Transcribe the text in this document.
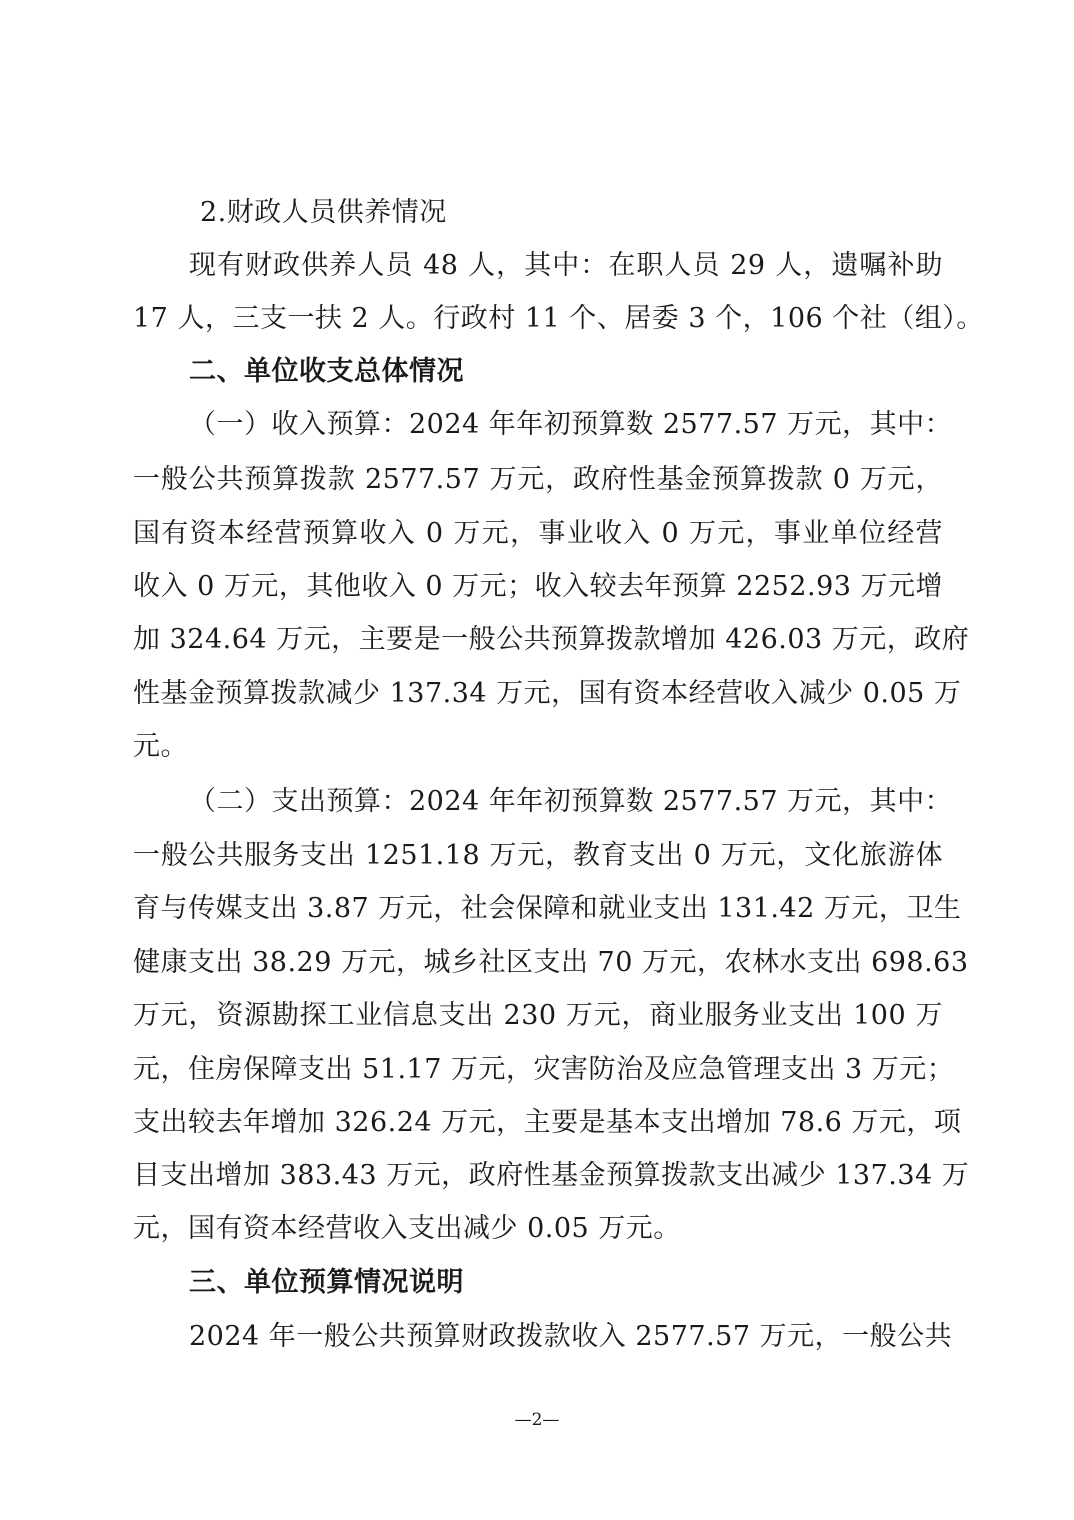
2.财政人员供养情况
现有财政供养人员 48 人，其中：在职人员 29 人，遗嘱补助
17 人，三支一扶 2 人。行政村 11 个、居委 3 个，106 个社（组）。
二、单位收支总体情况
（一）收入预算：2024 年年初预算数 2577.57 万元，其中：
一般公共预算拨款 2577.57 万元，政府性基金预算拨款 0 万元，
国有资本经营预算收入 0 万元，事业收入 0 万元，事业单位经营
收入 0 万元，其他收入 0 万元；收入较去年预算 2252.93 万元增
加 324.64 万元，主要是一般公共预算拨款增加 426.03 万元，政府
性基金预算拨款减少 137.34 万元，国有资本经营收入减少 0.05 万
元。
（二）支出预算：2024 年年初预算数 2577.57 万元，其中：
一般公共服务支出 1251.18 万元，教育支出 0 万元，文化旅游体
育与传媒支出 3.87 万元，社会保障和就业支出 131.42 万元，卫生
健康支出 38.29 万元，城乡社区支出 70 万元，农林水支出 698.63
万元，资源勘探工业信息支出 230 万元，商业服务业支出 100 万
元，住房保障支出 51.17 万元，灾害防治及应急管理支出 3 万元；
支出较去年增加 326.24 万元，主要是基本支出增加 78.6 万元，项
目支出增加 383.43 万元，政府性基金预算拨款支出减少 137.34 万
元，国有资本经营收入支出减少 0.05 万元。
三、单位预算情况说明
2024 年一般公共预算财政拨款收入 2577.57 万元，一般公共
—2—
